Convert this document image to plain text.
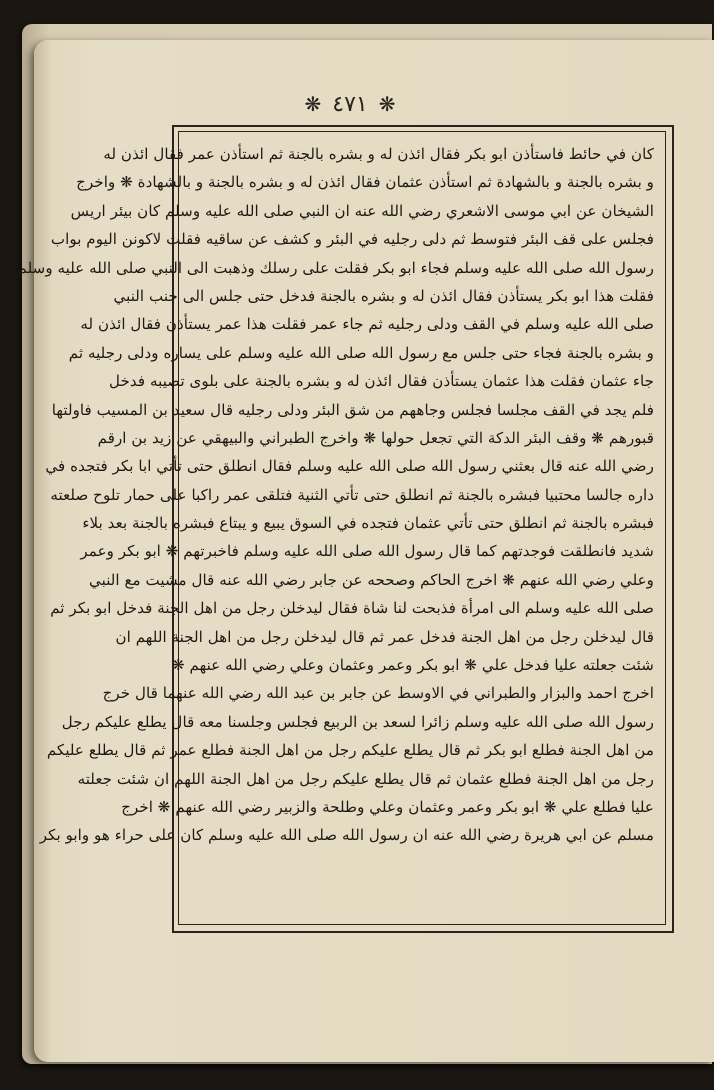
❋ ٤٧١ ❋
كان في حائط فاستأذن ابو بكر فقال ائذن له و بشره بالجنة ثم استأذن عمر فقال ائذن له
و بشره بالجنة و بالشهادة ثم استأذن عثمان فقال ائذن له و بشره بالجنة و بالشهادة ❋ واخرج
الشيخان عن ابي موسى الاشعري رضي الله عنه ان النبي صلى الله عليه وسلم كان بيئر اريس
فجلس على قف البئر فتوسط ثم دلى رجليه في البئر و كشف عن ساقيه فقلت لاكونن اليوم بواب
رسول الله صلى الله عليه وسلم فجاء ابو بكر فقلت على رسلك وذهبت الى النبي صلى الله عليه وسلم
فقلت هذا ابو بكر يستأذن فقال ائذن له و بشره بالجنة فدخل حتى جلس الى جنب النبي
صلى الله عليه وسلم في القف ودلى رجليه ثم جاء عمر فقلت هذا عمر يستأذن فقال ائذن له
و بشره بالجنة فجاء حتى جلس مع رسول الله صلى الله عليه وسلم على يساره ودلى رجليه ثم
جاء عثمان فقلت هذا عثمان يستأذن فقال ائذن له و بشره بالجنة على بلوى تصيبه فدخل
فلم يجد في القف مجلسا فجلس وجاههم من شق البئر ودلى رجليه قال سعيد بن المسيب فاولتها
قبورهم ❋ وقف البئر الدكة التي تجعل حولها ❋ واخرج الطبراني والبيهقي عن زيد بن ارقم
رضي الله عنه قال بعثني رسول الله صلى الله عليه وسلم فقال انطلق حتى تأتي ابا بكر فتجده في
داره جالسا محتبيا فبشره بالجنة ثم انطلق حتى تأتي الثنية فتلقى عمر راكبا على حمار تلوح صلعته
فبشره بالجنة ثم انطلق حتى تأتي عثمان فتجده في السوق يبيع و يبتاع فبشره بالجنة بعد بلاء
شديد فانطلقت فوجدتهم كما قال رسول الله صلى الله عليه وسلم فاخبرتهم ❋ ابو بكر وعمر
وعلي رضي الله عنهم ❋ اخرج الحاكم وصححه عن جابر رضي الله عنه قال مشيت مع النبي
صلى الله عليه وسلم الى امرأة فذبحت لنا شاة فقال ليدخلن رجل من اهل الجنة فدخل ابو بكر ثم
قال ليدخلن رجل من اهل الجنة فدخل عمر ثم قال ليدخلن رجل من اهل الجنة اللهم ان
شئت جعلته عليا فدخل علي ❋ ابو بكر وعمر وعثمان وعلي رضي الله عنهم ❋
اخرج احمد والبزار والطبراني في الاوسط عن جابر بن عبد الله رضي الله عنهما قال خرج
رسول الله صلى الله عليه وسلم زائرا لسعد بن الربيع فجلس وجلسنا معه قال يطلع عليكم رجل
من اهل الجنة فطلع ابو بكر ثم قال يطلع عليكم رجل من اهل الجنة فطلع عمر ثم قال يطلع عليكم
رجل من اهل الجنة فطلع عثمان ثم قال يطلع عليكم رجل من اهل الجنة اللهم ان شئت جعلته
عليا فطلع علي ❋ ابو بكر وعمر وعثمان وعلي وطلحة والزبير رضي الله عنهم ❋ اخرج
مسلم عن ابي هريرة رضي الله عنه ان رسول الله صلى الله عليه وسلم كان على حراء هو وابو بكر
